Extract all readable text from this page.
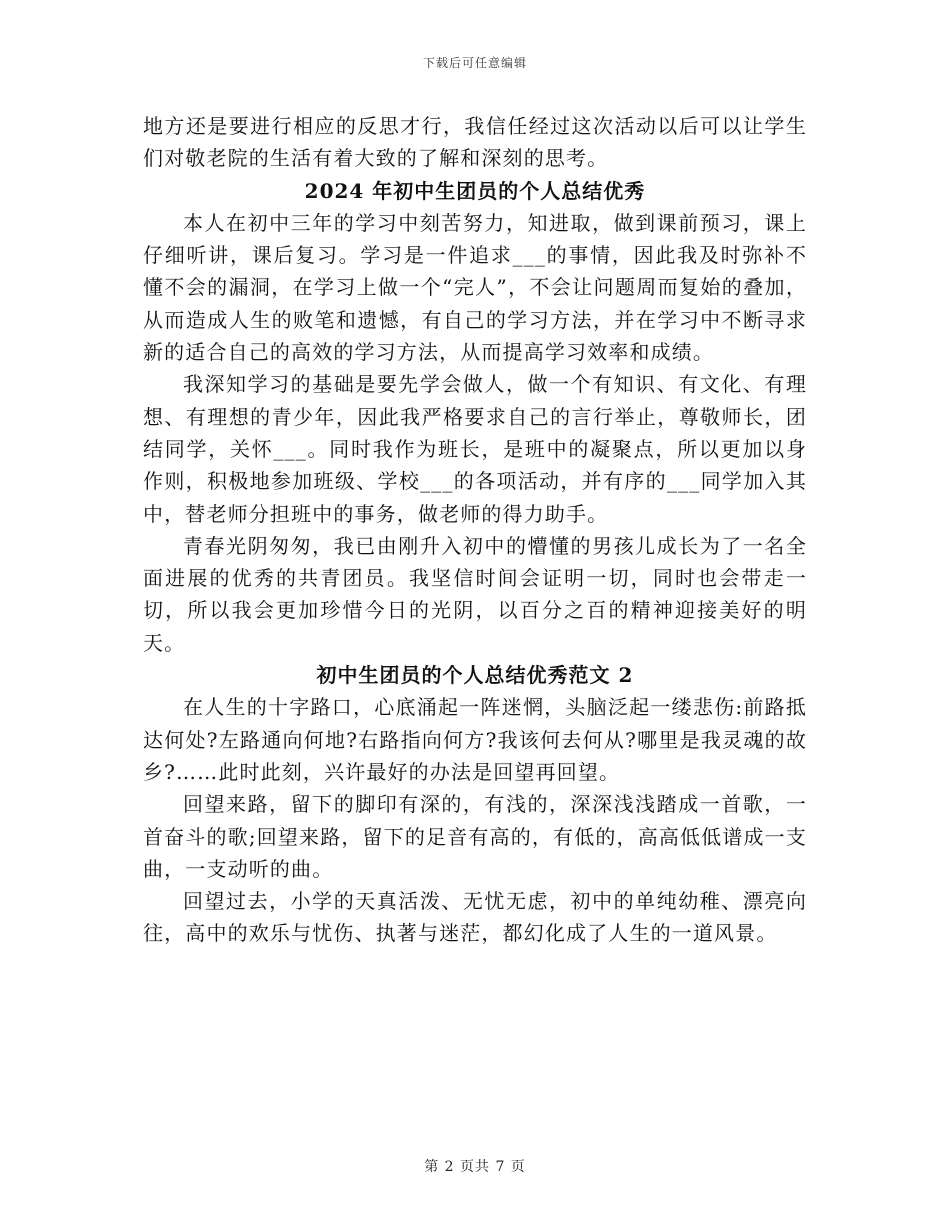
下载后可任意编辑

地方还是要进行相应的反思才行，我信任经过这次活动以后可以让学生们对敬老院的生活有着大致的了解和深刻的思考。

2024 年初中生团员的个人总结优秀

本人在初中三年的学习中刻苦努力，知进取，做到课前预习，课上仔细听讲，课后复习。学习是一件追求___的事情，因此我及时弥补不懂不会的漏洞，在学习上做一个“完人”，不会让问题周而复始的叠加，从而造成人生的败笔和遗憾，有自己的学习方法，并在学习中不断寻求新的适合自己的高效的学习方法，从而提高学习效率和成绩。

我深知学习的基础是要先学会做人，做一个有知识、有文化、有理想、有理想的青少年，因此我严格要求自己的言行举止，尊敬师长，团结同学，关怀___。同时我作为班长，是班中的凝聚点，所以更加以身作则，积极地参加班级、学校___的各项活动，并有序的___同学加入其中，替老师分担班中的事务，做老师的得力助手。

青春光阴匆匆，我已由刚升入初中的懵懂的男孩儿成长为了一名全面进展的优秀的共青团员。我坚信时间会证明一切，同时也会带走一切，所以我会更加珍惜今日的光阴，以百分之百的精神迎接美好的明天。

初中生团员的个人总结优秀范文 2

在人生的十字路口，心底涌起一阵迷惘，头脑泛起一缕悲伤:前路抵达何处?左路通向何地?右路指向何方?我该何去何从?哪里是我灵魂的故乡?……此时此刻，兴许最好的办法是回望再回望。

回望来路，留下的脚印有深的，有浅的，深深浅浅踏成一首歌，一首奋斗的歌;回望来路，留下的足音有高的，有低的，高高低低谱成一支曲，一支动听的曲。

回望过去，小学的天真活泼、无忧无虑，初中的单纯幼稚、漂亮向往，高中的欢乐与忧伤、执著与迷茫，都幻化成了人生的一道风景。

第 2 页共 7 页
